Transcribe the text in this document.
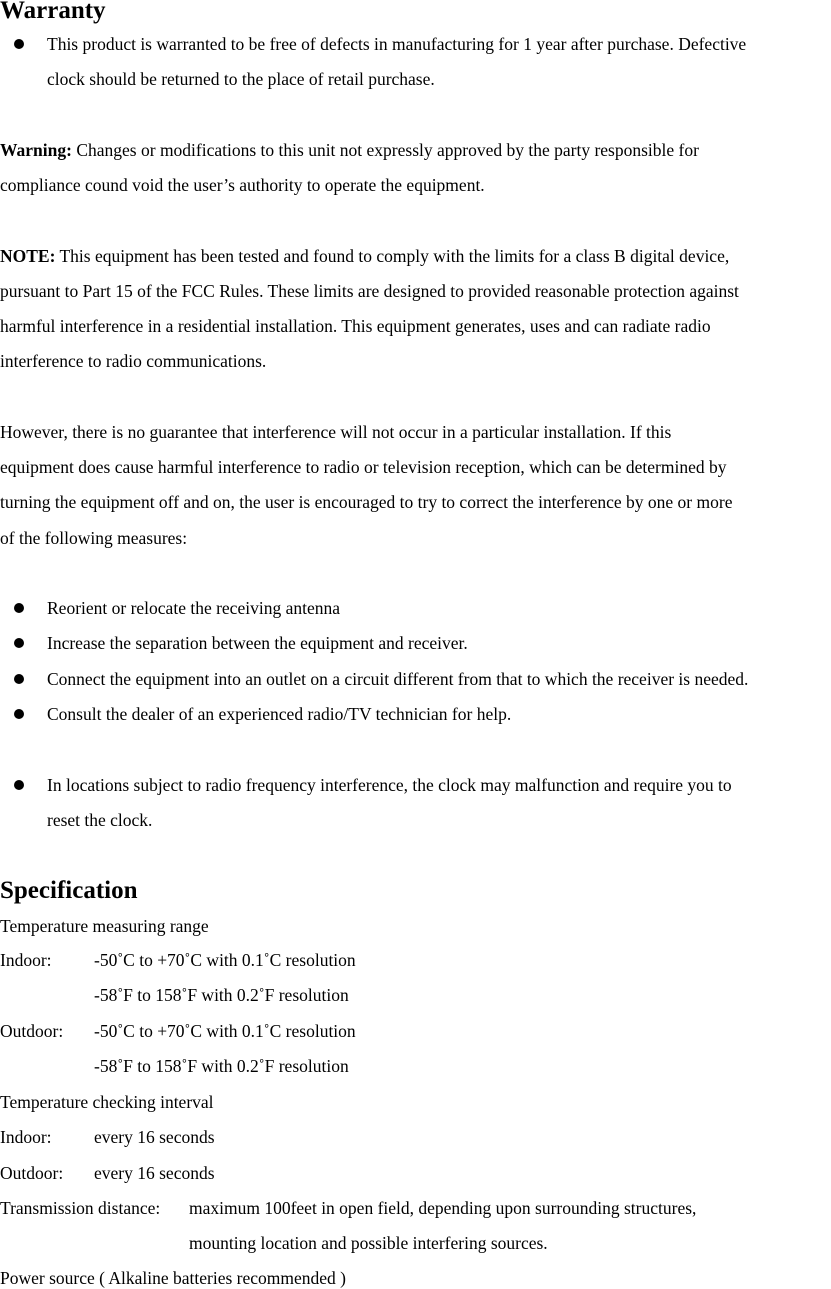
Warranty
This product is warranted to be free of defects in manufacturing for 1 year after purchase. Defective
clock should be returned to the place of retail purchase.
Warning: Changes or modifications to this unit not expressly approved by the party responsible for
compliance cound void the user’s authority to operate the equipment.
NOTE: This equipment has been tested and found to comply with the limits for a class B digital device,
pursuant to Part 15 of the FCC Rules. These limits are designed to provided reasonable protection against
harmful interference in a residential installation. This equipment generates, uses and can radiate radio
interference to radio communications.
However, there is no guarantee that interference will not occur in a particular installation. If this
equipment does cause harmful interference to radio or television reception, which can be determined by
turning the equipment off and on, the user is encouraged to try to correct the interference by one or more
of the following measures:
Reorient or relocate the receiving antenna
Increase the separation between the equipment and receiver.
Connect the equipment into an outlet on a circuit different from that to which the receiver is needed.
Consult the dealer of an experienced radio/TV technician for help.
In locations subject to radio frequency interference, the clock may malfunction and require you to
reset the clock.
Specification
Temperature measuring range
Indoor: -50˚C to +70˚C with 0.1˚C resolution
-58˚F to 158˚F with 0.2˚F resolution
Outdoor: -50˚C to +70˚C with 0.1˚C resolution
-58˚F to 158˚F with 0.2˚F resolution
Temperature checking interval
Indoor: every 16 seconds
Outdoor: every 16 seconds
Transmission distance: maximum 100feet in open field, depending upon surrounding structures,
mounting location and possible interfering sources.
Power source ( Alkaline batteries recommended )
